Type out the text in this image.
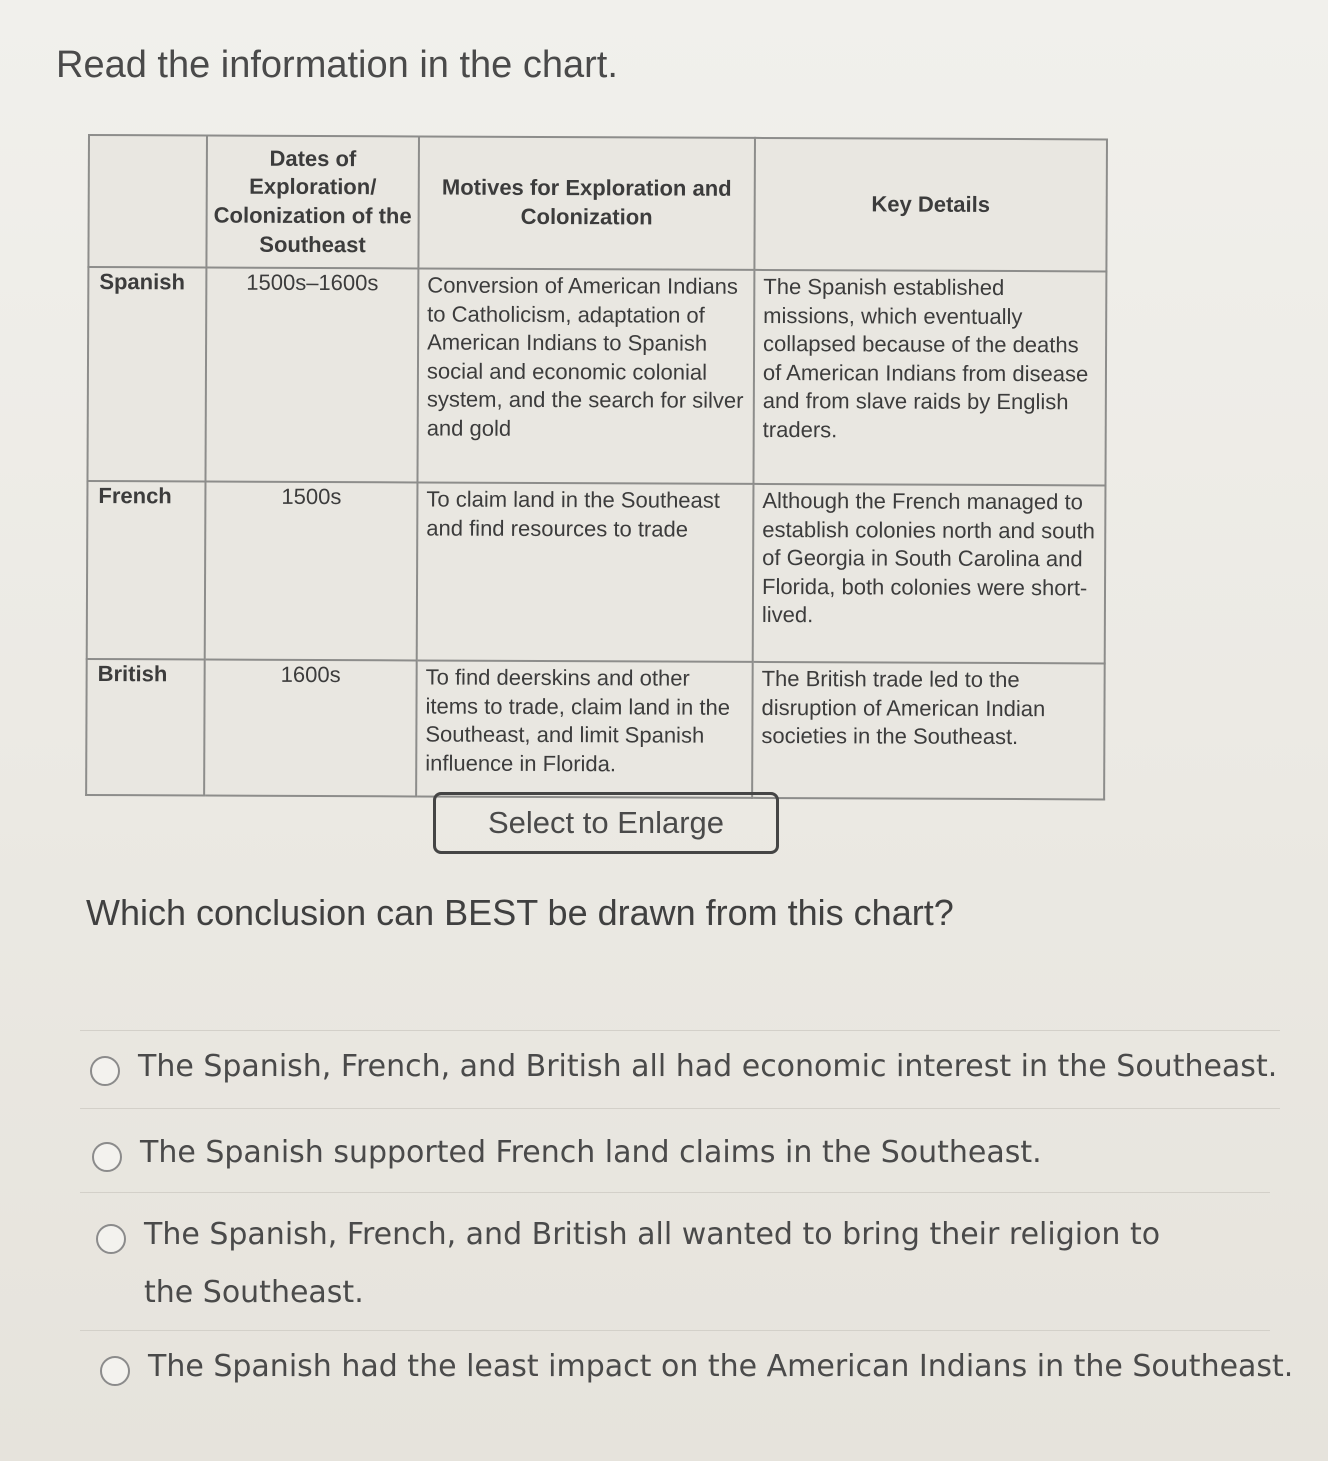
Read the information in the chart.
	Dates of Exploration/ Colonization of the Southeast	Motives for Exploration and Colonization	Key Details
Spanish	1500s–1600s	Conversion of American Indians to Catholicism, adaptation of American Indians to Spanish social and economic colonial system, and the search for silver and gold	The Spanish established missions, which eventually collapsed because of the deaths of American Indians from disease and from slave raids by English traders.
French	1500s	To claim land in the Southeast and find resources to trade	Although the French managed to establish colonies north and south of Georgia in South Carolina and Florida, both colonies were short-lived.
British	1600s	To find deerskins and other items to trade, claim land in the Southeast, and limit Spanish influence in Florida.	The British trade led to the disruption of American Indian societies in the Southeast.
Select to Enlarge
Which conclusion can BEST be drawn from this chart?
The Spanish, French, and British all had economic interest in the Southeast.
The Spanish supported French land claims in the Southeast.
The Spanish, French, and British all wanted to bring their religion to the Southeast.
The Spanish had the least impact on the American Indians in the Southeast.
